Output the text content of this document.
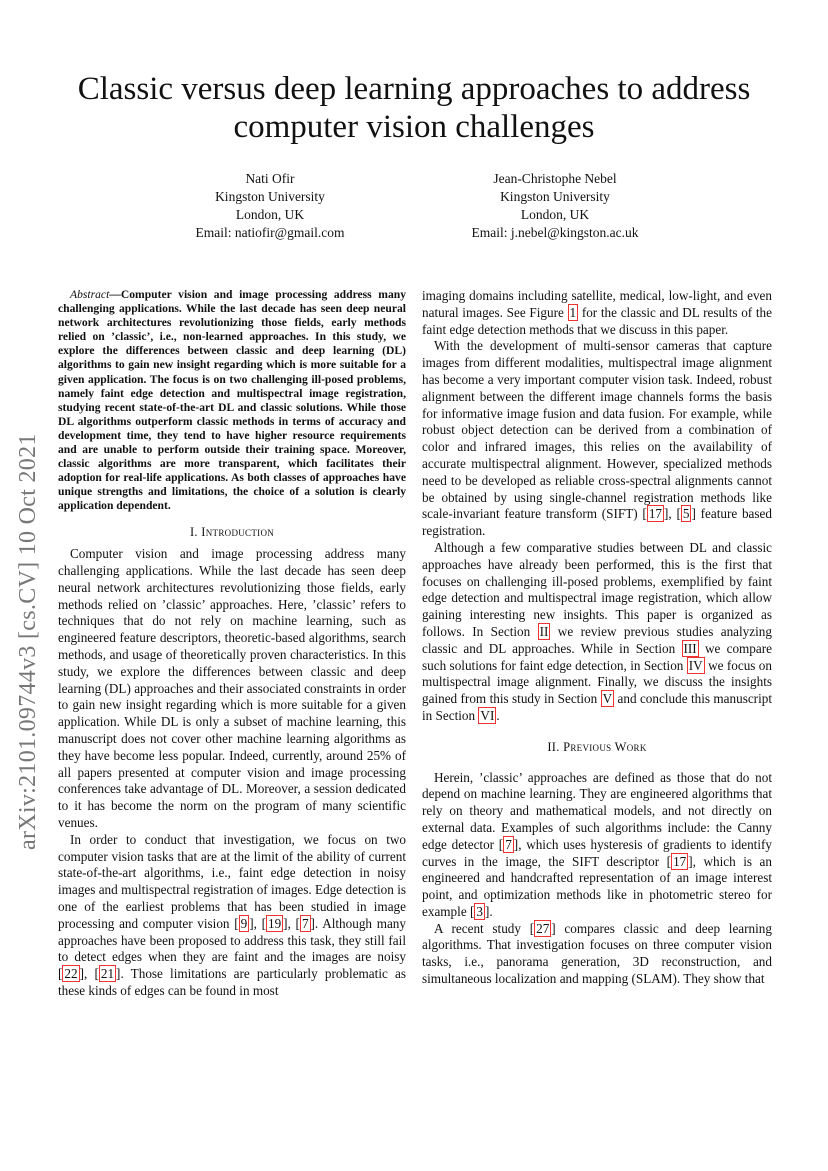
Classic versus deep learning approaches to address computer vision challenges
Nati Ofir
Kingston University
London, UK
Email: natiofir@gmail.com
Jean-Christophe Nebel
Kingston University
London, UK
Email: j.nebel@kingston.ac.uk
arXiv:2101.09744v3 [cs.CV] 10 Oct 2021
Abstract—Computer vision and image processing address many challenging applications. While the last decade has seen deep neural network architectures revolutionizing those fields, early methods relied on ’classic’, i.e., non-learned approaches. In this study, we explore the differences between classic and deep learning (DL) algorithms to gain new insight regarding which is more suitable for a given application. The focus is on two challenging ill-posed problems, namely faint edge detection and multispectral image registration, studying recent state-of-the-art DL and classic solutions. While those DL algorithms outperform classic methods in terms of accuracy and development time, they tend to have higher resource requirements and are unable to perform outside their training space. Moreover, classic algorithms are more transparent, which facilitates their adoption for real-life applications. As both classes of approaches have unique strengths and limitations, the choice of a solution is clearly application dependent.
I. Introduction

Computer vision and image processing address many challenging applications. While the last decade has seen deep neural network architectures revolutionizing those fields, early methods relied on ’classic’ approaches. Here, ’classic’ refers to techniques that do not rely on machine learning, such as engineered feature descriptors, theoretic-based algorithms, search methods, and usage of theoretically proven characteristics. In this study, we explore the differences between classic and deep learning (DL) approaches and their associated constraints in order to gain new insight regarding which is more suitable for a given application. While DL is only a subset of machine learning, this manuscript does not cover other machine learning algorithms as they have become less popular. Indeed, currently, around 25% of all papers presented at computer vision and image processing conferences take advantage of DL. Moreover, a session dedicated to it has become the norm on the program of many scientific venues.

In order to conduct that investigation, we focus on two computer vision tasks that are at the limit of the ability of current state-of-the-art algorithms, i.e., faint edge detection in noisy images and multispectral registration of images. Edge detection is one of the earliest problems that has been studied in image processing and computer vision [ 9 ], [ 19 ], [ 7 ]. Although many approaches have been proposed to address this task, they still fail to detect edges when they are faint and the images are noisy [ 22 ], [ 21 ]. Those limitations are particularly problematic as these kinds of edges can be found in most

imaging domains including satellite, medical, low-light, and even natural images. See Figure 1 for the classic and DL results of the faint edge detection methods that we discuss in this paper.

With the development of multi-sensor cameras that capture images from different modalities, multispectral image alignment has become a very important computer vision task. Indeed, robust alignment between the different image channels forms the basis for informative image fusion and data fusion. For example, while robust object detection can be derived from a combination of color and infrared images, this relies on the availability of accurate multispectral alignment. However, specialized methods need to be developed as reliable cross-spectral alignments cannot be obtained by using single-channel registration methods like scale-invariant feature transform (SIFT) [ 17 ], [ 5 ] feature based registration.

Although a few comparative studies between DL and classic approaches have already been performed, this is the first that focuses on challenging ill-posed problems, exemplified by faint edge detection and multispectral image registration, which allow gaining interesting new insights. This paper is organized as follows. In Section II we review previous studies analyzing classic and DL approaches. While in Section III we compare such solutions for faint edge detection, in Section IV we focus on multispectral image alignment. Finally, we discuss the insights gained from this study in Section V and conclude this manuscript in Section VI .

II. Previous Work

Herein, ’classic’ approaches are defined as those that do not depend on machine learning. They are engineered algorithms that rely on theory and mathematical models, and not directly on external data. Examples of such algorithms include: the Canny edge detector [ 7 ], which uses hysteresis of gradients to identify curves in the image, the SIFT descriptor [ 17 ], which is an engineered and handcrafted representation of an image interest point, and optimization methods like in photometric stereo for example [ 3 ].

A recent study [ 27 ] compares classic and deep learning algorithms. That investigation focuses on three computer vision tasks, i.e., panorama generation, 3D reconstruction, and simultaneous localization and mapping (SLAM). They show that
